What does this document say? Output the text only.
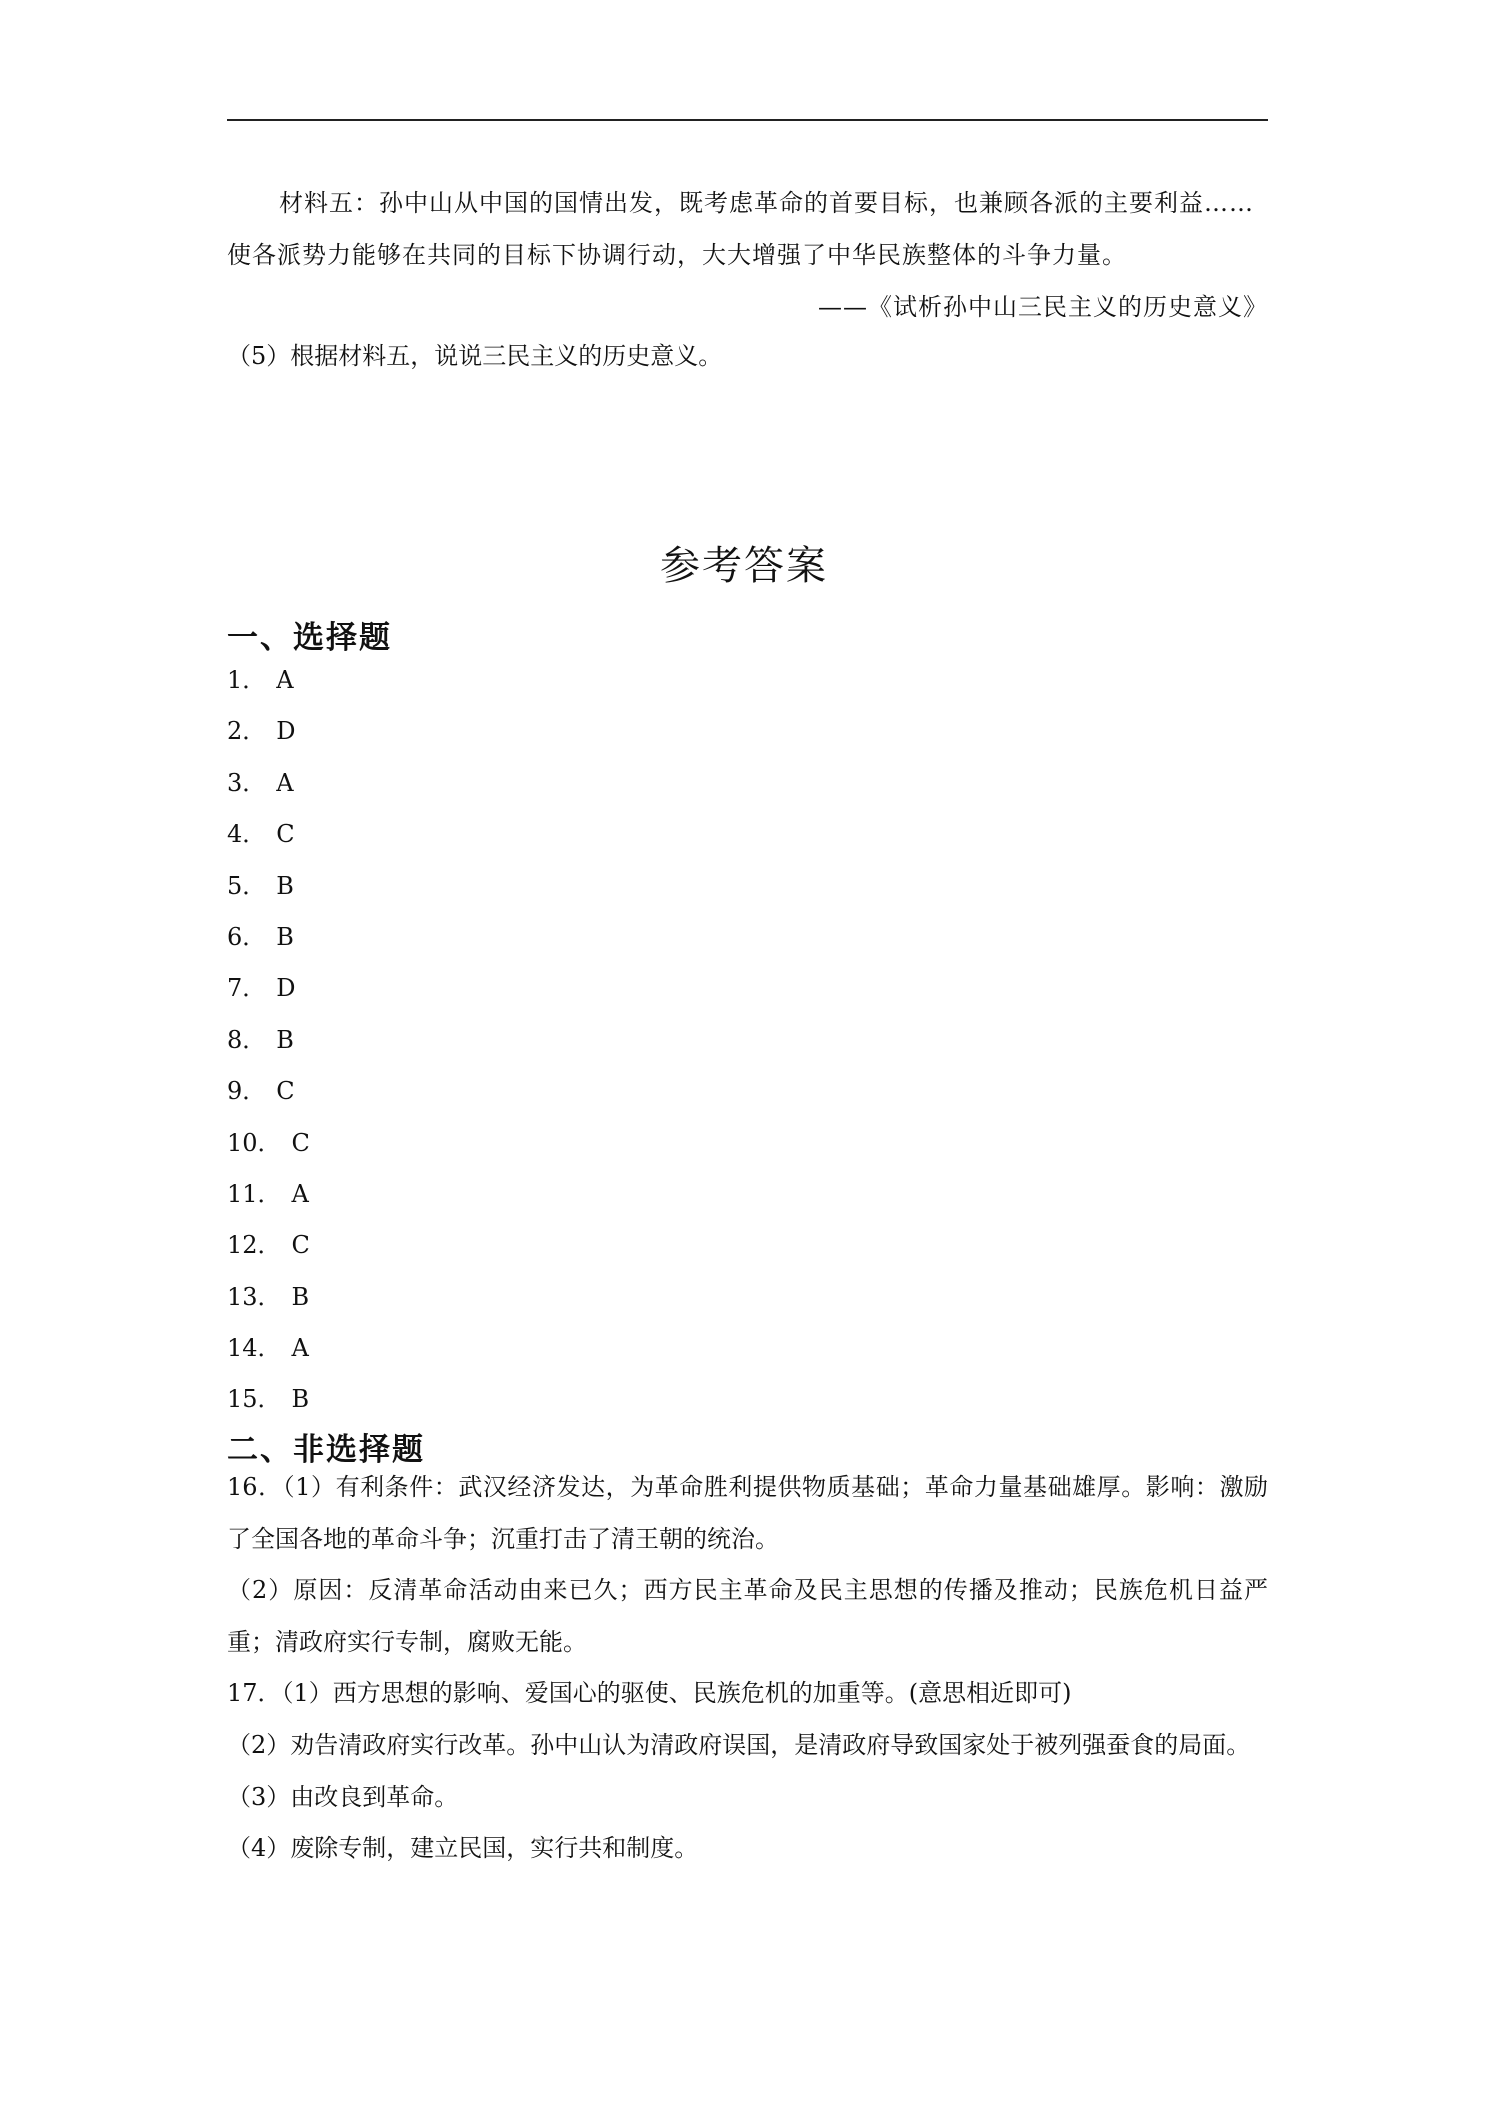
材料五：孙中山从中国的国情出发，既考虑革命的首要目标，也兼顾各派的主要利益……使各派势力能够在共同的目标下协调行动，大大增强了中华民族整体的斗争力量。

——《试析孙中山三民主义的历史意义》

（5）根据材料五，说说三民主义的历史意义。
参考答案
一、选择题
1． A
2． D
3． A
4． C
5． B
6． B
7． D
8． B
9． C
10． C
11． A
12． C
13． B
14． A
15． B
二、非选择题

16．（1）有利条件：武汉经济发达，为革命胜利提供物质基础；革命力量基础雄厚。影响：激励了全国各地的革命斗争；沉重打击了清王朝的统治。

（2）原因：反清革命活动由来已久；西方民主革命及民主思想的传播及推动；民族危机日益严重；清政府实行专制，腐败无能。

17．（1）西方思想的影响、爱国心的驱使、民族危机的加重等。(意思相近即可)

（2）劝告清政府实行改革。孙中山认为清政府误国，是清政府导致国家处于被列强蚕食的局面。

（3）由改良到革命。

（4）废除专制，建立民国，实行共和制度。
